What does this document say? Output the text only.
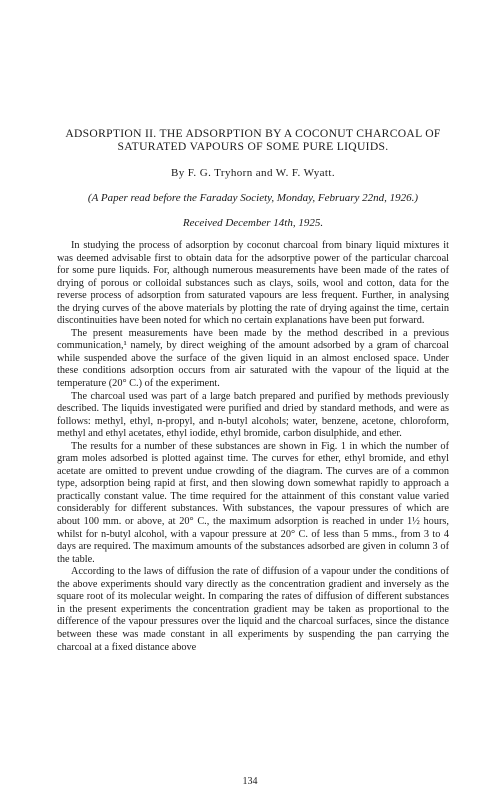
ADSORPTION II. THE ADSORPTION BY A COCONUT CHARCOAL OF SATURATED VAPOURS OF SOME PURE LIQUIDS.
By F. G. Tryhorn and W. F. Wyatt.
(A Paper read before the Faraday Society, Monday, February 22nd, 1926.)
Received December 14th, 1925.

In studying the process of adsorption by coconut charcoal from binary liquid mixtures it was deemed advisable first to obtain data for the adsorptive power of the particular charcoal for some pure liquids. For, although numerous measurements have been made of the rates of drying of porous or colloidal substances such as clays, soils, wool and cotton, data for the reverse process of adsorption from saturated vapours are less frequent. Further, in analysing the drying curves of the above materials by plotting the rate of drying against the time, certain discontinuities have been noted for which no certain explanations have been put forward.

The present measurements have been made by the method described in a previous communication,¹ namely, by direct weighing of the amount adsorbed by a gram of charcoal while suspended above the surface of the given liquid in an almost enclosed space. Under these conditions adsorption occurs from air saturated with the vapour of the liquid at the temperature (20° C.) of the experiment.

The charcoal used was part of a large batch prepared and purified by methods previously described. The liquids investigated were purified and dried by standard methods, and were as follows: methyl, ethyl, n-propyl, and n-butyl alcohols; water, benzene, acetone, chloroform, methyl and ethyl acetates, ethyl iodide, ethyl bromide, carbon disulphide, and ether.

The results for a number of these substances are shown in Fig. 1 in which the number of gram moles adsorbed is plotted against time. The curves for ether, ethyl bromide, and ethyl acetate are omitted to prevent undue crowding of the diagram. The curves are of a common type, adsorption being rapid at first, and then slowing down somewhat rapidly to approach a practically constant value. The time required for the attainment of this constant value varied considerably for different substances. With substances, the vapour pressures of which are about 100 mm. or above, at 20° C., the maximum adsorption is reached in under 1½ hours, whilst for n-butyl alcohol, with a vapour pressure at 20° C. of less than 5 mms., from 3 to 4 days are required. The maximum amounts of the substances adsorbed are given in column 3 of the table.

According to the laws of diffusion the rate of diffusion of a vapour under the conditions of the above experiments should vary directly as the concentration gradient and inversely as the square root of its molecular weight. In comparing the rates of diffusion of different substances in the present experiments the concentration gradient may be taken as proportional to the difference of the vapour pressures over the liquid and the charcoal surfaces, since the distance between these was made constant in all experiments by suspending the pan carrying the charcoal at a fixed distance above

134
